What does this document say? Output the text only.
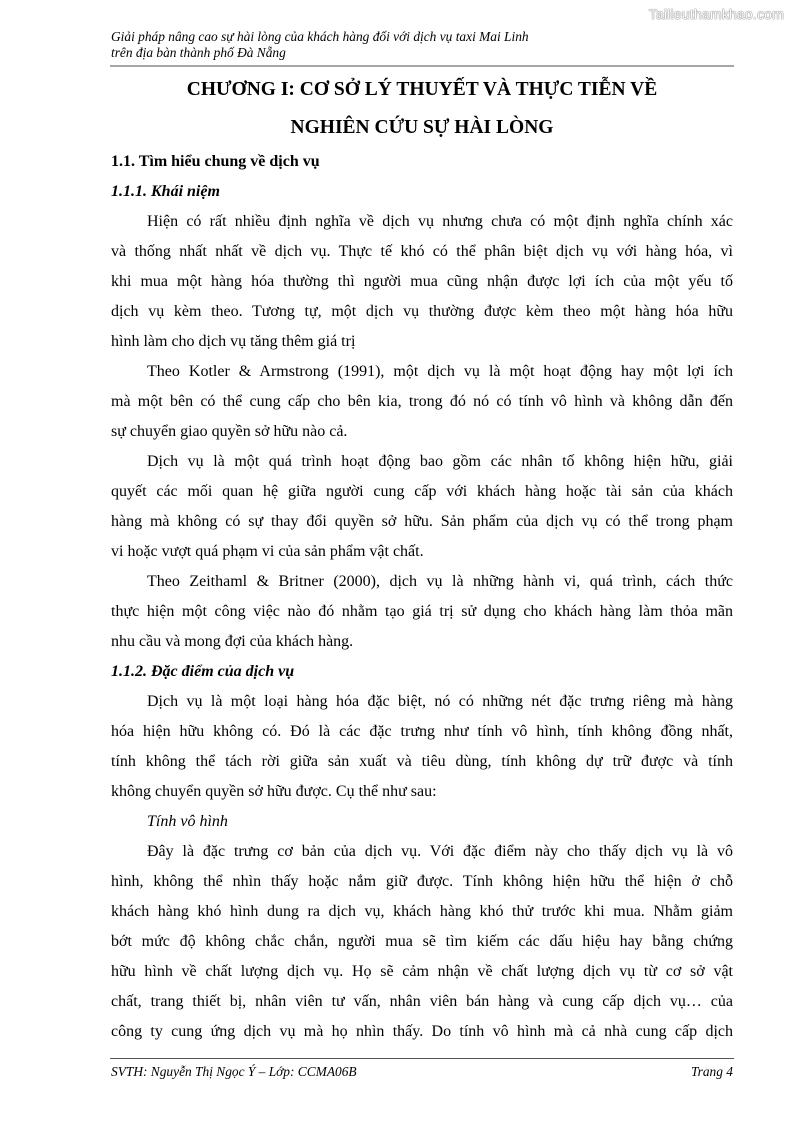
Tailieuthamkhao.com
Giải pháp nâng cao sự hài lòng của khách hàng đối với dịch vụ taxi Mai Linh
trên địa bàn thành phố Đà Nẵng
CHƯƠNG I: CƠ SỞ LÝ THUYẾT VÀ THỰC TIỄN VỀ
NGHIÊN CỨU SỰ HÀI LÒNG
1.1. Tìm hiểu chung về dịch vụ
1.1.1. Khái niệm
Hiện có rất nhiều định nghĩa về dịch vụ nhưng chưa có một định nghĩa chính xác
và thống nhất nhất về dịch vụ. Thực tế khó có thể phân biệt dịch vụ với hàng hóa, vì
khi mua một hàng hóa thường thì người mua cũng nhận được lợi ích của một yếu tố
dịch vụ kèm theo. Tương tự, một dịch vụ thường được kèm theo một hàng hóa hữu
hình làm cho dịch vụ tăng thêm giá trị
Theo Kotler & Armstrong (1991), một dịch vụ là một hoạt động hay một lợi ích
mà một bên có thể cung cấp cho bên kia, trong đó nó có tính vô hình và không dẫn đến
sự chuyển giao quyền sở hữu nào cả.
Dịch vụ là một quá trình hoạt động bao gồm các nhân tố không hiện hữu, giải
quyết các mối quan hệ giữa người cung cấp với khách hàng hoặc tài sản của khách
hàng mà không có sự thay đổi quyền sở hữu. Sản phẩm của dịch vụ có thể trong phạm
vi hoặc vượt quá phạm vi của sản phẩm vật chất.
Theo Zeithaml & Britner (2000), dịch vụ là những hành vi, quá trình, cách thức
thực hiện một công việc nào đó nhằm tạo giá trị sử dụng cho khách hàng làm thỏa mãn
nhu cầu và mong đợi của khách hàng.
1.1.2. Đặc điểm của dịch vụ
Dịch vụ là một loại hàng hóa đặc biệt, nó có những nét đặc trưng riêng mà hàng
hóa hiện hữu không có. Đó là các đặc trưng như tính vô hình, tính không đồng nhất,
tính không thể tách rời giữa sản xuất và tiêu dùng, tính không dự trữ được và tính
không chuyển quyền sở hữu được. Cụ thể như sau:
Tính vô hình
Đây là đặc trưng cơ bản của dịch vụ. Với đặc điểm này cho thấy dịch vụ là vô
hình, không thể nhìn thấy hoặc nắm giữ được. Tính không hiện hữu thể hiện ở chỗ
khách hàng khó hình dung ra dịch vụ, khách hàng khó thử trước khi mua. Nhằm giảm
bớt mức độ không chắc chắn, người mua sẽ tìm kiếm các dấu hiệu hay bằng chứng
hữu hình về chất lượng dịch vụ. Họ sẽ cảm nhận về chất lượng dịch vụ từ cơ sở vật
chất, trang thiết bị, nhân viên tư vấn, nhân viên bán hàng và cung cấp dịch vụ… của
công ty cung ứng dịch vụ mà họ nhìn thấy. Do tính vô hình mà cả nhà cung cấp dịch
SVTH: Nguyễn Thị Ngọc Ý – Lớp: CCMA06B	Trang 4
